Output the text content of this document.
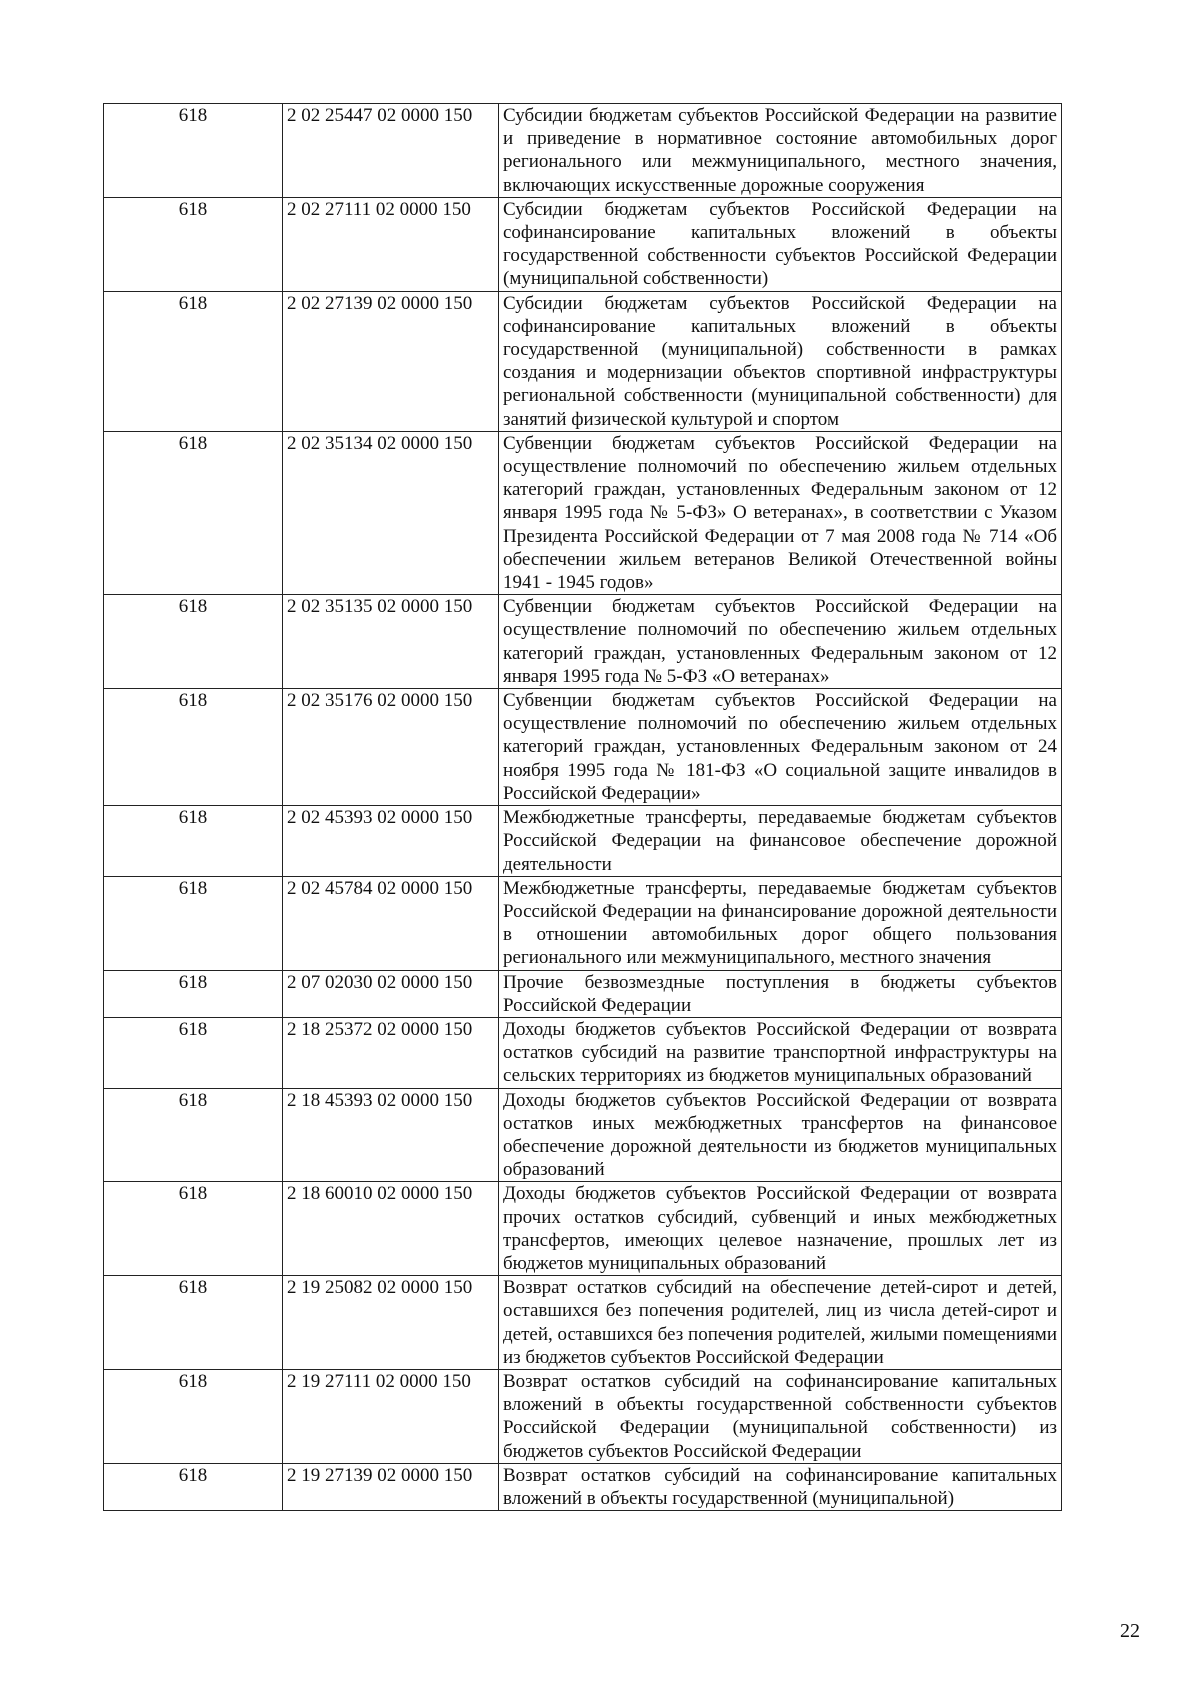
618	2 02 25447 02 0000 150	Субсидии бюджетам субъектов Российской Федерации на развитие и приведение в нормативное состояние автомобильных дорог регионального или межмуниципального, местного значения, включающих искусственные дорожные сооружения
618	2 02 27111 02 0000 150	Субсидии бюджетам субъектов Российской Федерации на софинансирование капитальных вложений в объекты государственной собственности субъектов Российской Федерации (муниципальной собственности)
618	2 02 27139 02 0000 150	Субсидии бюджетам субъектов Российской Федерации на софинансирование капитальных вложений в объекты государственной (муниципальной) собственности в рамках создания и модернизации объектов спортивной инфраструктуры региональной собственности (муниципальной собственности) для занятий физической культурой и спортом
618	2 02 35134 02 0000 150	Субвенции бюджетам субъектов Российской Федерации на осуществление полномочий по обеспечению жильем отдельных категорий граждан, установленных Федеральным законом от 12 января 1995 года № 5-ФЗ» О ветеранах», в соответствии с Указом Президента Российской Федерации от 7 мая 2008 года № 714 «Об обеспечении жильем ветеранов Великой Отечественной войны 1941 - 1945 годов»
618	2 02 35135 02 0000 150	Субвенции бюджетам субъектов Российской Федерации на осуществление полномочий по обеспечению жильем отдельных категорий граждан, установленных Федеральным законом от 12 января 1995 года № 5-ФЗ «О ветеранах»
618	2 02 35176 02 0000 150	Субвенции бюджетам субъектов Российской Федерации на осуществление полномочий по обеспечению жильем отдельных категорий граждан, установленных Федеральным законом от 24 ноября 1995 года № 181-ФЗ «О социальной защите инвалидов в Российской Федерации»
618	2 02 45393 02 0000 150	Межбюджетные трансферты, передаваемые бюджетам субъектов Российской Федерации на финансовое обеспечение дорожной деятельности
618	2 02 45784 02 0000 150	Межбюджетные трансферты, передаваемые бюджетам субъектов Российской Федерации на финансирование дорожной деятельности в отношении автомобильных дорог общего пользования регионального или межмуниципального, местного значения
618	2 07 02030 02 0000 150	Прочие безвозмездные поступления в бюджеты субъектов Российской Федерации
618	2 18 25372 02 0000 150	Доходы бюджетов субъектов Российской Федерации от возврата остатков субсидий на развитие транспортной инфраструктуры на сельских территориях из бюджетов муниципальных образований
618	2 18 45393 02 0000 150	Доходы бюджетов субъектов Российской Федерации от возврата остатков иных межбюджетных трансфертов на финансовое обеспечение дорожной деятельности из бюджетов муниципальных образований
618	2 18 60010 02 0000 150	Доходы бюджетов субъектов Российской Федерации от возврата прочих остатков субсидий, субвенций и иных межбюджетных трансфертов, имеющих целевое назначение, прошлых лет из бюджетов муниципальных образований
618	2 19 25082 02 0000 150	Возврат остатков субсидий на обеспечение детей-сирот и детей, оставшихся без попечения родителей, лиц из числа детей-сирот и детей, оставшихся без попечения родителей, жилыми помещениями из бюджетов субъектов Российской Федерации
618	2 19 27111 02 0000 150	Возврат остатков субсидий на софинансирование капитальных вложений в объекты государственной собственности субъектов Российской Федерации (муниципальной собственности) из бюджетов субъектов Российской Федерации
618	2 19 27139 02 0000 150	Возврат остатков субсидий на софинансирование капитальных вложений в объекты государственной (муниципальной)
22
